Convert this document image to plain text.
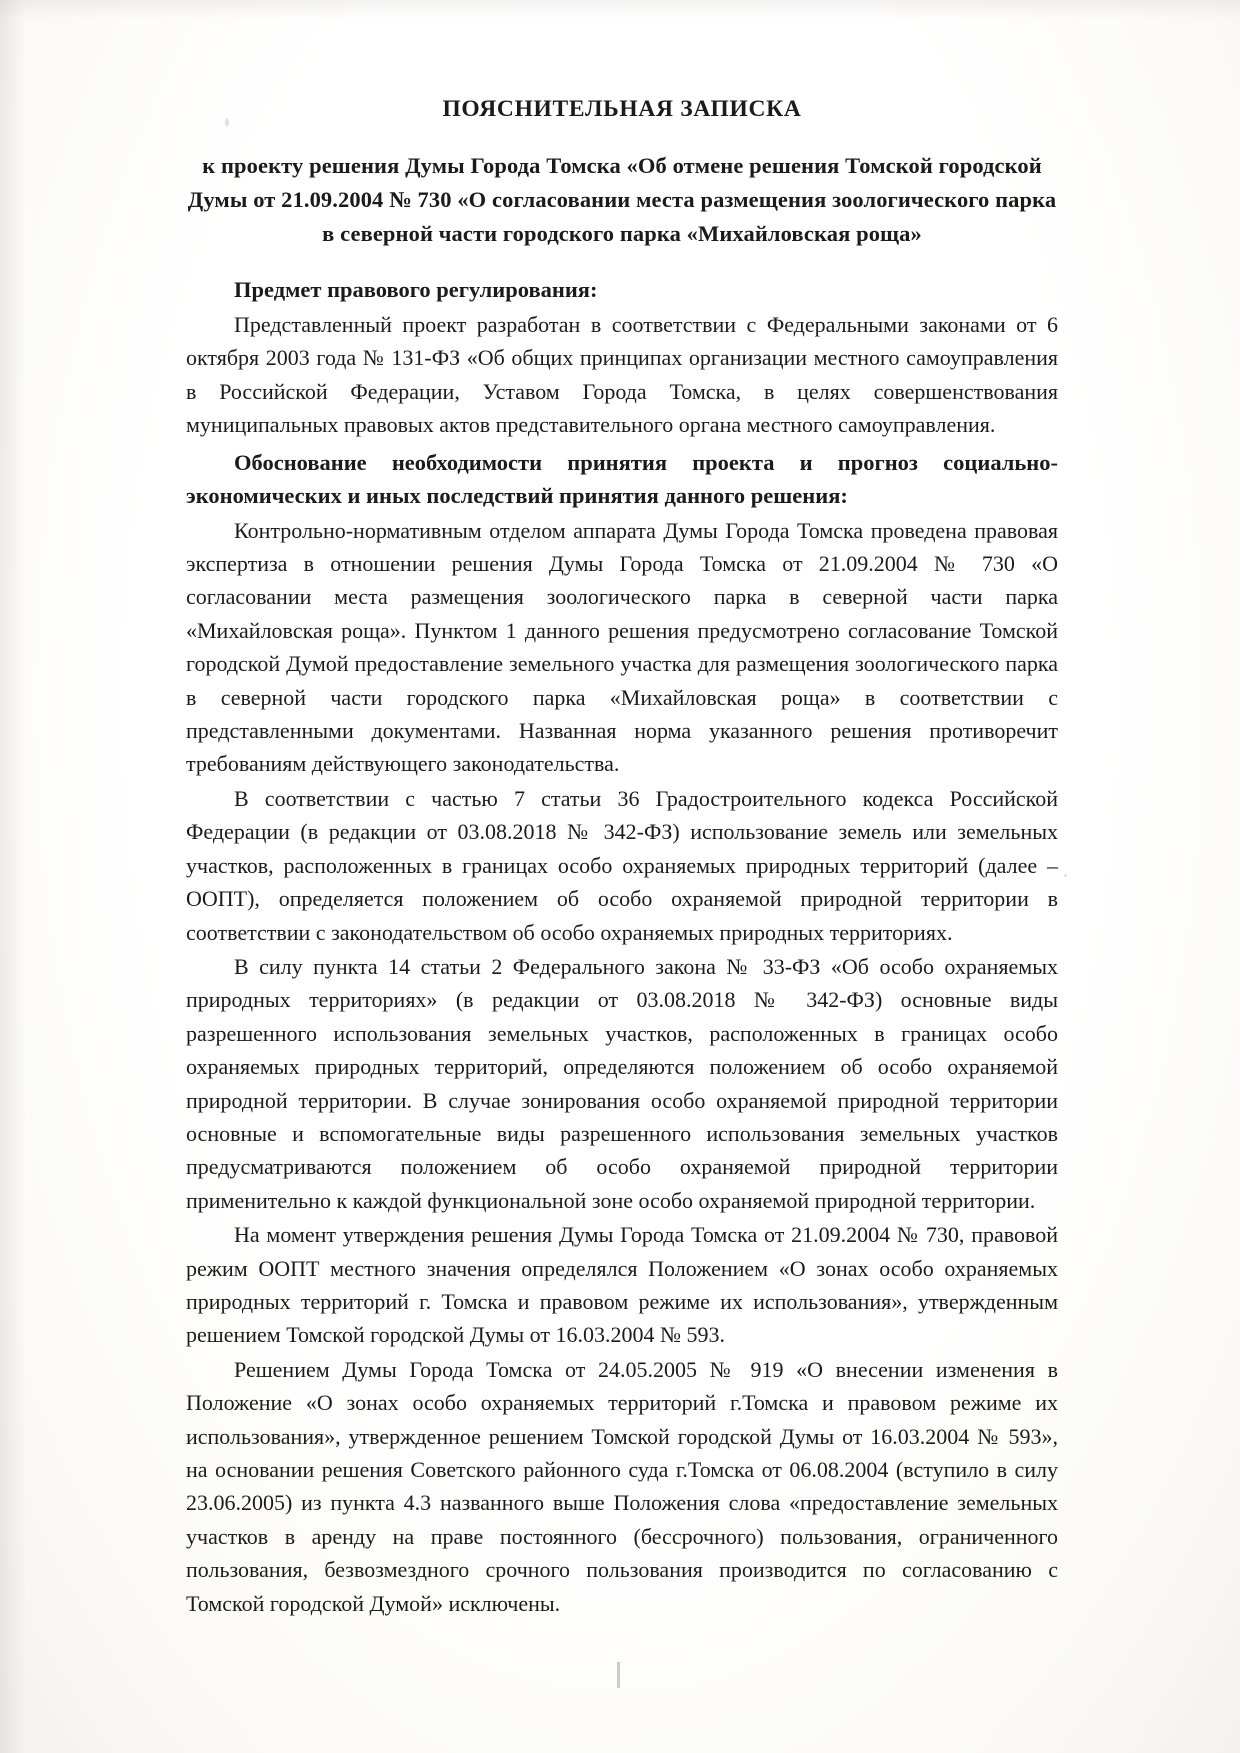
ПОЯСНИТЕЛЬНАЯ ЗАПИСКА
к проекту решения Думы Города Томска «Об отмене решения Томской городской Думы от 21.09.2004 № 730 «О согласовании места размещения зоологического парка в северной части городского парка «Михайловская роща»
Предмет правового регулирования:

Представленный проект разработан в соответствии с Федеральными законами от 6 октября 2003 года № 131-ФЗ «Об общих принципах организации местного самоуправления в Российской Федерации, Уставом Города Томска, в целях совершенствования муниципальных правовых актов представительного органа местного самоуправления.

Обоснование необходимости принятия проекта и прогноз социально-экономических и иных последствий принятия данного решения:

Контрольно-нормативным отделом аппарата Думы Города Томска проведена правовая экспертиза в отношении решения Думы Города Томска от 21.09.2004 № 730 «О согласовании места размещения зоологического парка в северной части парка «Михайловская роща». Пунктом 1 данного решения предусмотрено согласование Томской городской Думой предоставление земельного участка для размещения зоологического парка в северной части городского парка «Михайловская роща» в соответствии с представленными документами. Названная норма указанного решения противоречит требованиям действующего законодательства.

В соответствии с частью 7 статьи 36 Градостроительного кодекса Российской Федерации (в редакции от 03.08.2018 № 342-ФЗ) использование земель или земельных участков, расположенных в границах особо охраняемых природных территорий (далее – ООПТ), определяется положением об особо охраняемой природной территории в соответствии с законодательством об особо охраняемых природных территориях.

В силу пункта 14 статьи 2 Федерального закона № 33-ФЗ «Об особо охраняемых природных территориях» (в редакции от 03.08.2018 № 342-ФЗ) основные виды разрешенного использования земельных участков, расположенных в границах особо охраняемых природных территорий, определяются положением об особо охраняемой природной территории. В случае зонирования особо охраняемой природной территории основные и вспомогательные виды разрешенного использования земельных участков предусматриваются положением об особо охраняемой природной территории применительно к каждой функциональной зоне особо охраняемой природной территории.

На момент утверждения решения Думы Города Томска от 21.09.2004 № 730, правовой режим ООПТ местного значения определялся Положением «О зонах особо охраняемых природных территорий г. Томска и правовом режиме их использования», утвержденным решением Томской городской Думы от 16.03.2004 № 593.

Решением Думы Города Томска от 24.05.2005 № 919 «О внесении изменения в Положение «О зонах особо охраняемых территорий г.Томска и правовом режиме их использования», утвержденное решением Томской городской Думы от 16.03.2004 № 593», на основании решения Советского районного суда г.Томска от 06.08.2004 (вступило в силу 23.06.2005) из пункта 4.3 названного выше Положения слова «предоставление земельных участков в аренду на праве постоянного (бессрочного) пользования, ограниченного пользования, безвозмездного срочного пользования производится по согласованию с Томской городской Думой» исключены.
